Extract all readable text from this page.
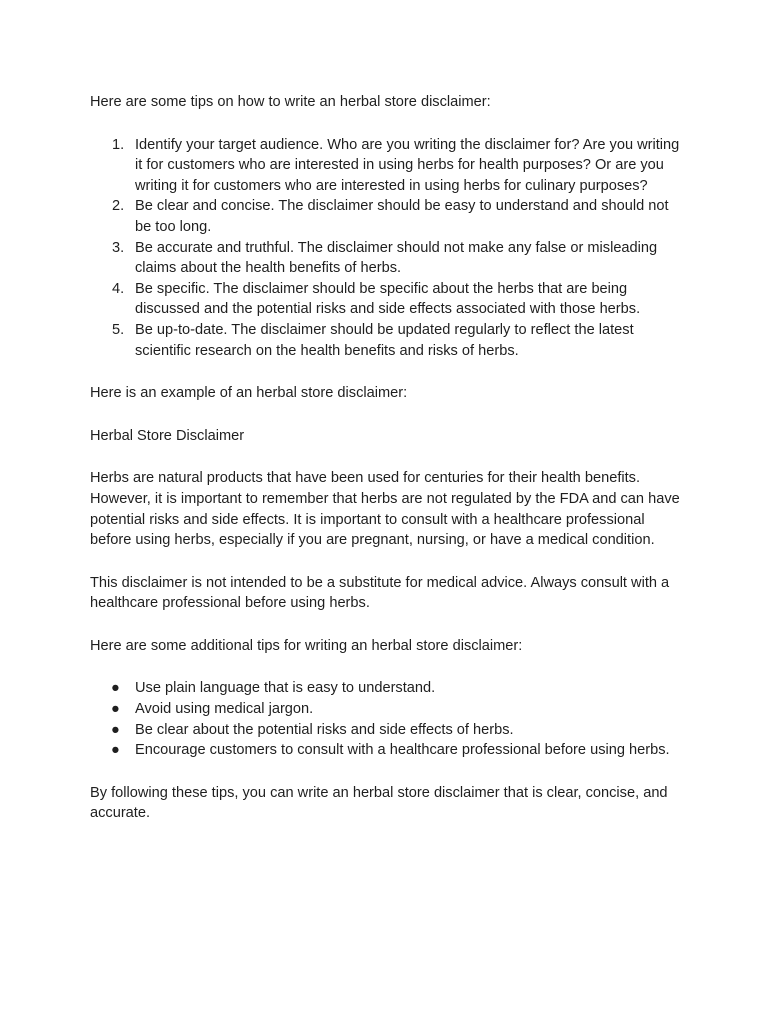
Here are some tips on how to write an herbal store disclaimer:

1. Identify your target audience. Who are you writing the disclaimer for? Are you writing it for customers who are interested in using herbs for health purposes? Or are you writing it for customers who are interested in using herbs for culinary purposes?
2. Be clear and concise. The disclaimer should be easy to understand and should not be too long.
3. Be accurate and truthful. The disclaimer should not make any false or misleading claims about the health benefits of herbs.
4. Be specific. The disclaimer should be specific about the herbs that are being discussed and the potential risks and side effects associated with those herbs.
5. Be up-to-date. The disclaimer should be updated regularly to reflect the latest scientific research on the health benefits and risks of herbs.

Here is an example of an herbal store disclaimer:

Herbal Store Disclaimer

Herbs are natural products that have been used for centuries for their health benefits. However, it is important to remember that herbs are not regulated by the FDA and can have potential risks and side effects. It is important to consult with a healthcare professional before using herbs, especially if you are pregnant, nursing, or have a medical condition.

This disclaimer is not intended to be a substitute for medical advice. Always consult with a healthcare professional before using herbs.

Here are some additional tips for writing an herbal store disclaimer:

● Use plain language that is easy to understand.
● Avoid using medical jargon.
● Be clear about the potential risks and side effects of herbs.
● Encourage customers to consult with a healthcare professional before using herbs.

By following these tips, you can write an herbal store disclaimer that is clear, concise, and accurate.
